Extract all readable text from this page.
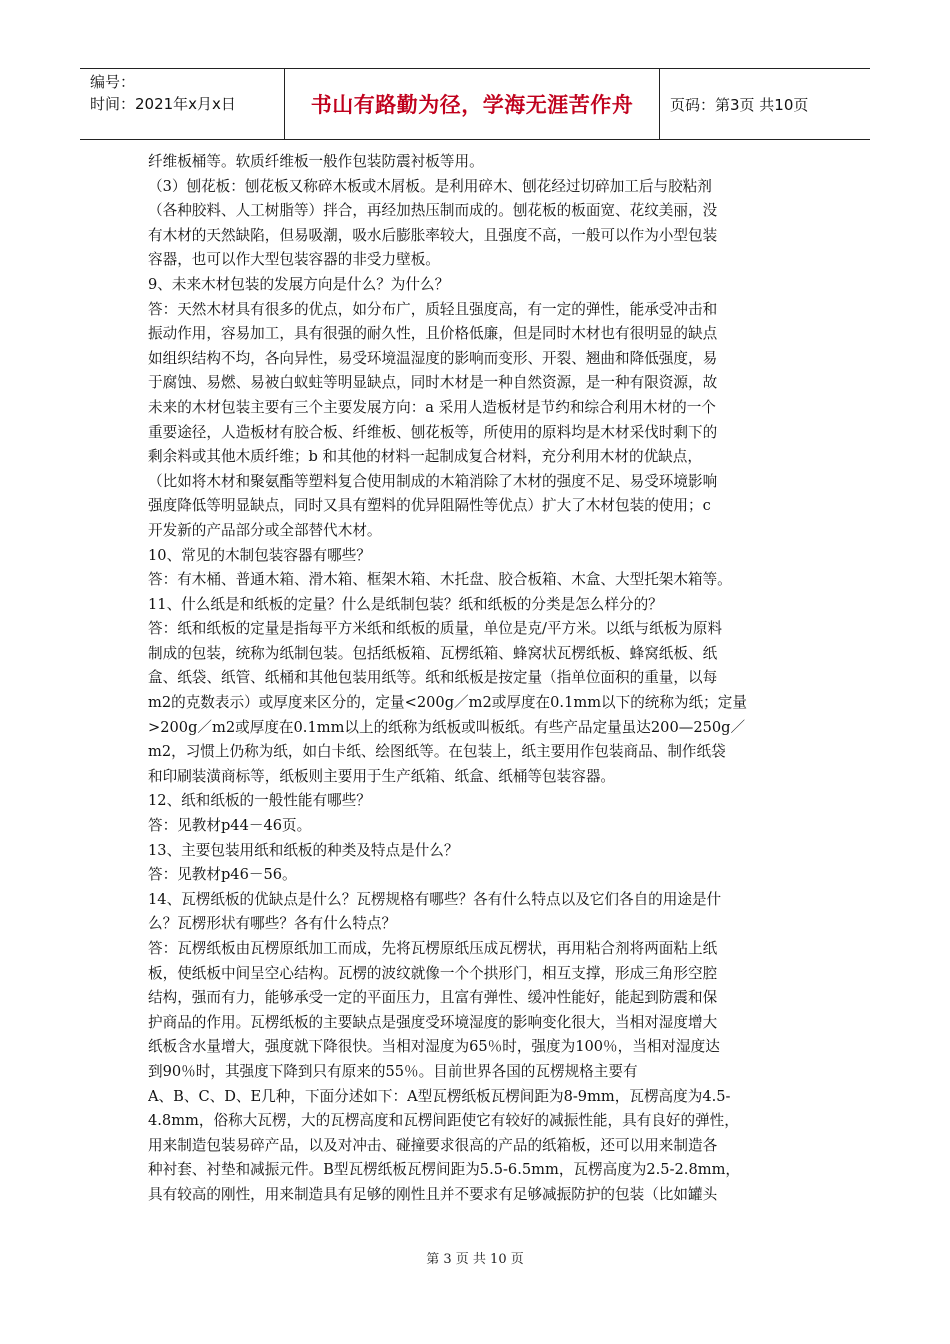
编号：
时间：2021年x月x日	书山有路勤为径，学海无涯苦作舟 页码：第3页 共10页
纤维板桶等。软质纤维板一般作包装防震衬板等用。
（3）刨花板：刨花板又称碎木板或木屑板。是利用碎木、刨花经过切碎加工后与胶粘剂
（各种胶料、人工树脂等）拌合，再经加热压制而成的。刨花板的板面宽、花纹美丽，没
有木材的天然缺陷，但易吸潮，吸水后膨胀率较大，且强度不高，一般可以作为小型包装
容器，也可以作大型包装容器的非受力壁板。
9、未来木材包装的发展方向是什么？为什么？
答：天然木材具有很多的优点，如分布广，质轻且强度高，有一定的弹性，能承受冲击和
振动作用，容易加工，具有很强的耐久性，且价格低廉，但是同时木材也有很明显的缺点
如组织结构不均，各向异性，易受环境温湿度的影响而变形、开裂、翘曲和降低强度，易
于腐蚀、易燃、易被白蚁蛀等明显缺点，同时木材是一种自然资源，是一种有限资源，故
未来的木材包装主要有三个主要发展方向：a 采用人造板材是节约和综合利用木材的一个
重要途径，人造板材有胶合板、纤维板、刨花板等，所使用的原料均是木材采伐时剩下的
剩余料或其他木质纤维；b 和其他的材料一起制成复合材料，充分利用木材的优缺点，
（比如将木材和聚氨酯等塑料复合使用制成的木箱消除了木材的强度不足、易受环境影响
强度降低等明显缺点，同时又具有塑料的优异阻隔性等优点）扩大了木材包装的使用；c
开发新的产品部分或全部替代木材。
10、常见的木制包装容器有哪些？
答：有木桶、普通木箱、滑木箱、框架木箱、木托盘、胶合板箱、木盒、大型托架木箱等。
11、什么纸是和纸板的定量？什么是纸制包装？纸和纸板的分类是怎么样分的？
答：纸和纸板的定量是指每平方米纸和纸板的质量，单位是克/平方米。以纸与纸板为原料
制成的包装，统称为纸制包装。包括纸板箱、瓦楞纸箱、蜂窝状瓦楞纸板、蜂窝纸板、纸
盒、纸袋、纸管、纸桶和其他包装用纸等。纸和纸板是按定量（指单位面积的重量，以每
m2的克数表示）或厚度来区分的，定量<200g／m2或厚度在0.1mm以下的统称为纸；定量
>200g／m2或厚度在0.1mm以上的纸称为纸板或叫板纸。有些产品定量虽达200—250g／
m2，习惯上仍称为纸，如白卡纸、绘图纸等。在包装上，纸主要用作包装商品、制作纸袋
和印刷装潢商标等，纸板则主要用于生产纸箱、纸盒、纸桶等包装容器。
12、纸和纸板的一般性能有哪些？
答：见教材p44－46页。
13、主要包装用纸和纸板的种类及特点是什么？
答：见教材p46－56。
14、瓦楞纸板的优缺点是什么？瓦楞规格有哪些？各有什么特点以及它们各自的用途是什
么？瓦楞形状有哪些？各有什么特点？
答：瓦楞纸板由瓦楞原纸加工而成，先将瓦楞原纸压成瓦楞状，再用粘合剂将两面粘上纸
板，使纸板中间呈空心结构。瓦楞的波纹就像一个个拱形门，相互支撑，形成三角形空腔
结构，强而有力，能够承受一定的平面压力，且富有弹性、缓冲性能好，能起到防震和保
护商品的作用。瓦楞纸板的主要缺点是强度受环境湿度的影响变化很大，当相对湿度增大
纸板含水量增大，强度就下降很快。当相对湿度为65％时，强度为100％，当相对湿度达
到90％时，其强度下降到只有原来的55％。目前世界各国的瓦楞规格主要有
A、B、C、D、E几种，下面分述如下：A型瓦楞纸板瓦楞间距为8-9mm，瓦楞高度为4.5-
4.8mm，俗称大瓦楞，大的瓦楞高度和瓦楞间距使它有较好的减振性能，具有良好的弹性，
用来制造包装易碎产品，以及对冲击、碰撞要求很高的产品的纸箱板，还可以用来制造各
种衬套、衬垫和减振元件。B型瓦楞纸板瓦楞间距为5.5-6.5mm，瓦楞高度为2.5-2.8mm，
具有较高的刚性，用来制造具有足够的刚性且并不要求有足够减振防护的包装（比如罐头
第 3 页 共 10 页
